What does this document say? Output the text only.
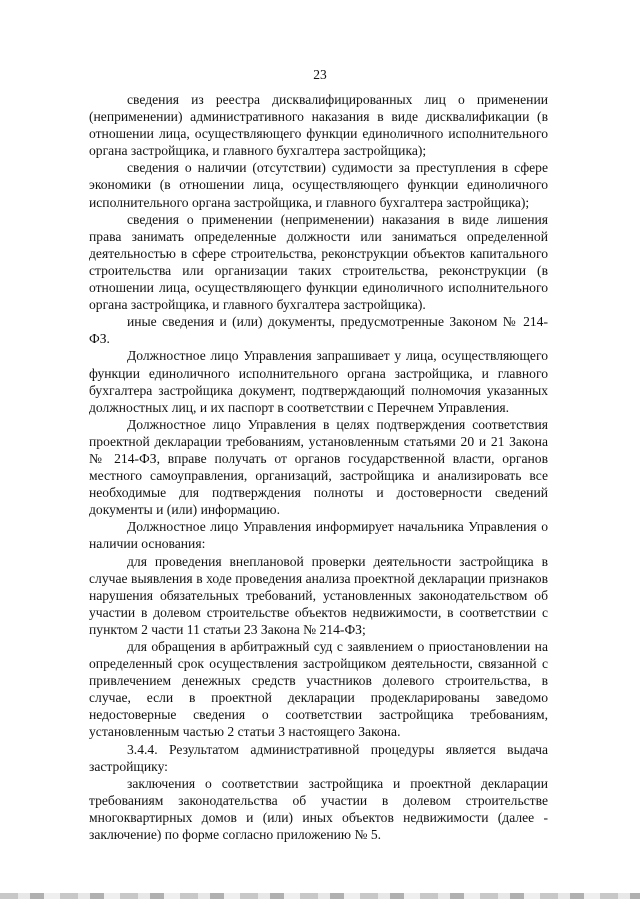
23

сведения из реестра дисквалифицированных лиц о применении (неприменении) административного наказания в виде дисквалификации (в отношении лица, осуществляющего функции единоличного исполнительного органа застройщика, и главного бухгалтера застройщика);

сведения о наличии (отсутствии) судимости за преступления в сфере экономики (в отношении лица, осуществляющего функции единоличного исполнительного органа застройщика, и главного бухгалтера застройщика);

сведения о применении (неприменении) наказания в виде лишения права занимать определенные должности или заниматься определенной деятельностью в сфере строительства, реконструкции объектов капитального строительства или организации таких строительства, реконструкции (в отношении лица, осуществляющего функции единоличного исполнительного органа застройщика, и главного бухгалтера застройщика).

иные сведения и (или) документы, предусмотренные Законом № 214-ФЗ.

Должностное лицо Управления запрашивает у лица, осуществляющего функции единоличного исполнительного органа застройщика, и главного бухгалтера застройщика документ, подтверждающий полномочия указанных должностных лиц, и их паспорт в соответствии с Перечнем Управления.

Должностное лицо Управления в целях подтверждения соответствия проектной декларации требованиям, установленным статьями 20 и 21 Закона № 214-ФЗ, вправе получать от органов государственной власти, органов местного самоуправления, организаций, застройщика и анализировать все необходимые для подтверждения полноты и достоверности сведений документы и (или) информацию.

Должностное лицо Управления информирует начальника Управления о наличии основания:

для проведения внеплановой проверки деятельности застройщика в случае выявления в ходе проведения анализа проектной декларации признаков нарушения обязательных требований, установленных законодательством об участии в долевом строительстве объектов недвижимости, в соответствии с пунктом 2 части 11 статьи 23 Закона № 214-ФЗ;

для обращения в арбитражный суд с заявлением о приостановлении на определенный срок осуществления застройщиком деятельности, связанной с привлечением денежных средств участников долевого строительства, в случае, если в проектной декларации продекларированы заведомо недостоверные сведения о соответствии застройщика требованиям, установленным частью 2 статьи 3 настоящего Закона.

3.4.4. Результатом административной процедуры является выдача застройщику:

заключения о соответствии застройщика и проектной декларации требованиям законодательства об участии в долевом строительстве многоквартирных домов и (или) иных объектов недвижимости (далее - заключение) по форме согласно приложению № 5.
